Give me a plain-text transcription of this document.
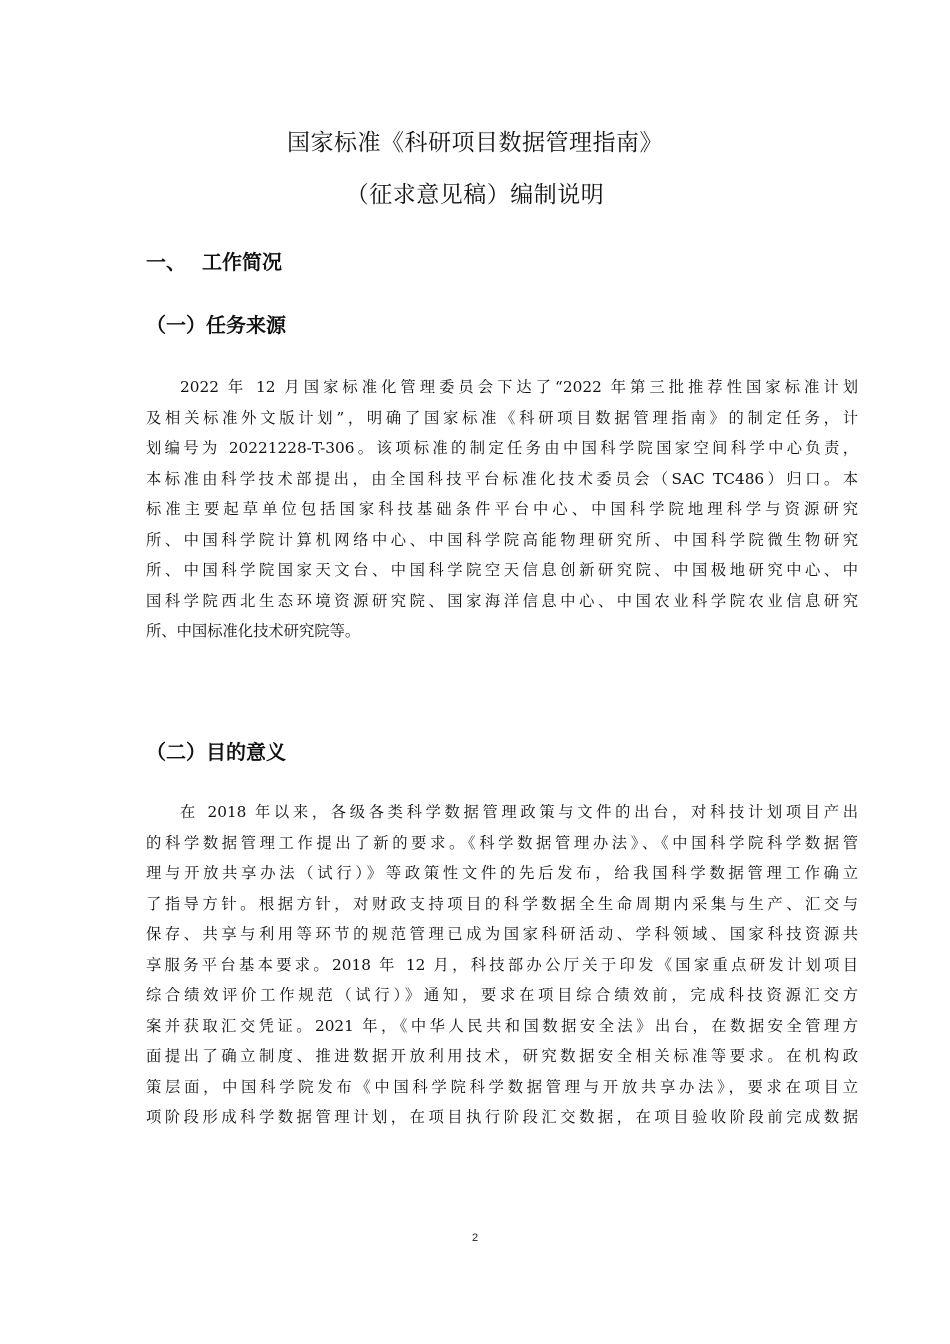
国家标准《科研项目数据管理指南》
（征求意见稿）编制说明
一、 工作简况
（一）任务来源
2022 年 12 月国家标准化管理委员会下达了“2022 年第三批推荐性国家标准计划
及相关标准外文版计划”，明确了国家标准《科研项目数据管理指南》的制定任务，计
划编号为 20221228-T-306。该项标准的制定任务由中国科学院国家空间科学中心负责，
本标准由科学技术部提出，由全国科技平台标准化技术委员会（SAC TC486）归口。本
标准主要起草单位包括国家科技基础条件平台中心、中国科学院地理科学与资源研究
所、中国科学院计算机网络中心、中国科学院高能物理研究所、中国科学院微生物研究
所、中国科学院国家天文台、中国科学院空天信息创新研究院、中国极地研究中心、中
国科学院西北生态环境资源研究院、国家海洋信息中心、中国农业科学院农业信息研究
所、中国标准化技术研究院等。
（二）目的意义
在 2018 年以来，各级各类科学数据管理政策与文件的出台，对科技计划项目产出
的科学数据管理工作提出了新的要求。《科学数据管理办法》、《中国科学院科学数据管
理与开放共享办法（试行）》等政策性文件的先后发布，给我国科学数据管理工作确立
了指导方针。根据方针，对财政支持项目的科学数据全生命周期内采集与生产、汇交与
保存、共享与利用等环节的规范管理已成为国家科研活动、学科领域、国家科技资源共
享服务平台基本要求。2018 年 12 月，科技部办公厅关于印发《国家重点研发计划项目
综合绩效评价工作规范（试行）》通知，要求在项目综合绩效前，完成科技资源汇交方
案并获取汇交凭证。2021 年，《中华人民共和国数据安全法》出台，在数据安全管理方
面提出了确立制度、推进数据开放利用技术，研究数据安全相关标准等要求。在机构政
策层面，中国科学院发布《中国科学院科学数据管理与开放共享办法》，要求在项目立
项阶段形成科学数据管理计划，在项目执行阶段汇交数据，在项目验收阶段前完成数据
2
